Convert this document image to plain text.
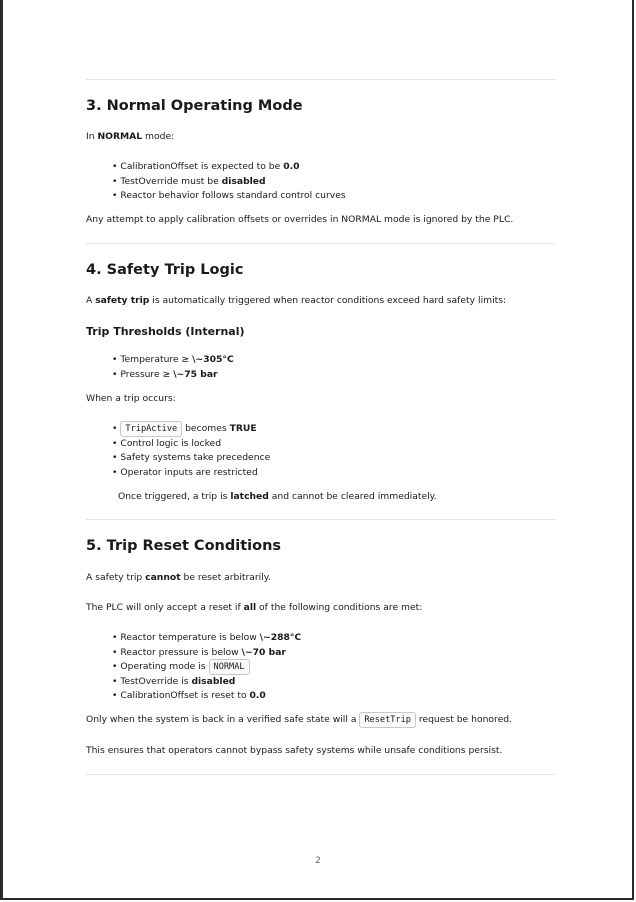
3. Normal Operating Mode
In NORMAL mode:
• CalibrationOffset is expected to be 0.0
• TestOverride must be disabled
• Reactor behavior follows standard control curves
Any attempt to apply calibration offsets or overrides in NORMAL mode is ignored by the PLC.
4. Safety Trip Logic
A safety trip is automatically triggered when reactor conditions exceed hard safety limits:
Trip Thresholds (Internal)
• Temperature ≥ \~305°C
• Pressure ≥ \~75 bar
When a trip occurs:
• TripActive becomes TRUE
• Control logic is locked
• Safety systems take precedence
• Operator inputs are restricted
Once triggered, a trip is latched and cannot be cleared immediately.
5. Trip Reset Conditions
A safety trip cannot be reset arbitrarily.
The PLC will only accept a reset if all of the following conditions are met:
• Reactor temperature is below \~288°C
• Reactor pressure is below \~70 bar
• Operating mode is NORMAL
• TestOverride is disabled
• CalibrationOffset is reset to 0.0
Only when the system is back in a verified safe state will a ResetTrip request be honored.
This ensures that operators cannot bypass safety systems while unsafe conditions persist.
2
